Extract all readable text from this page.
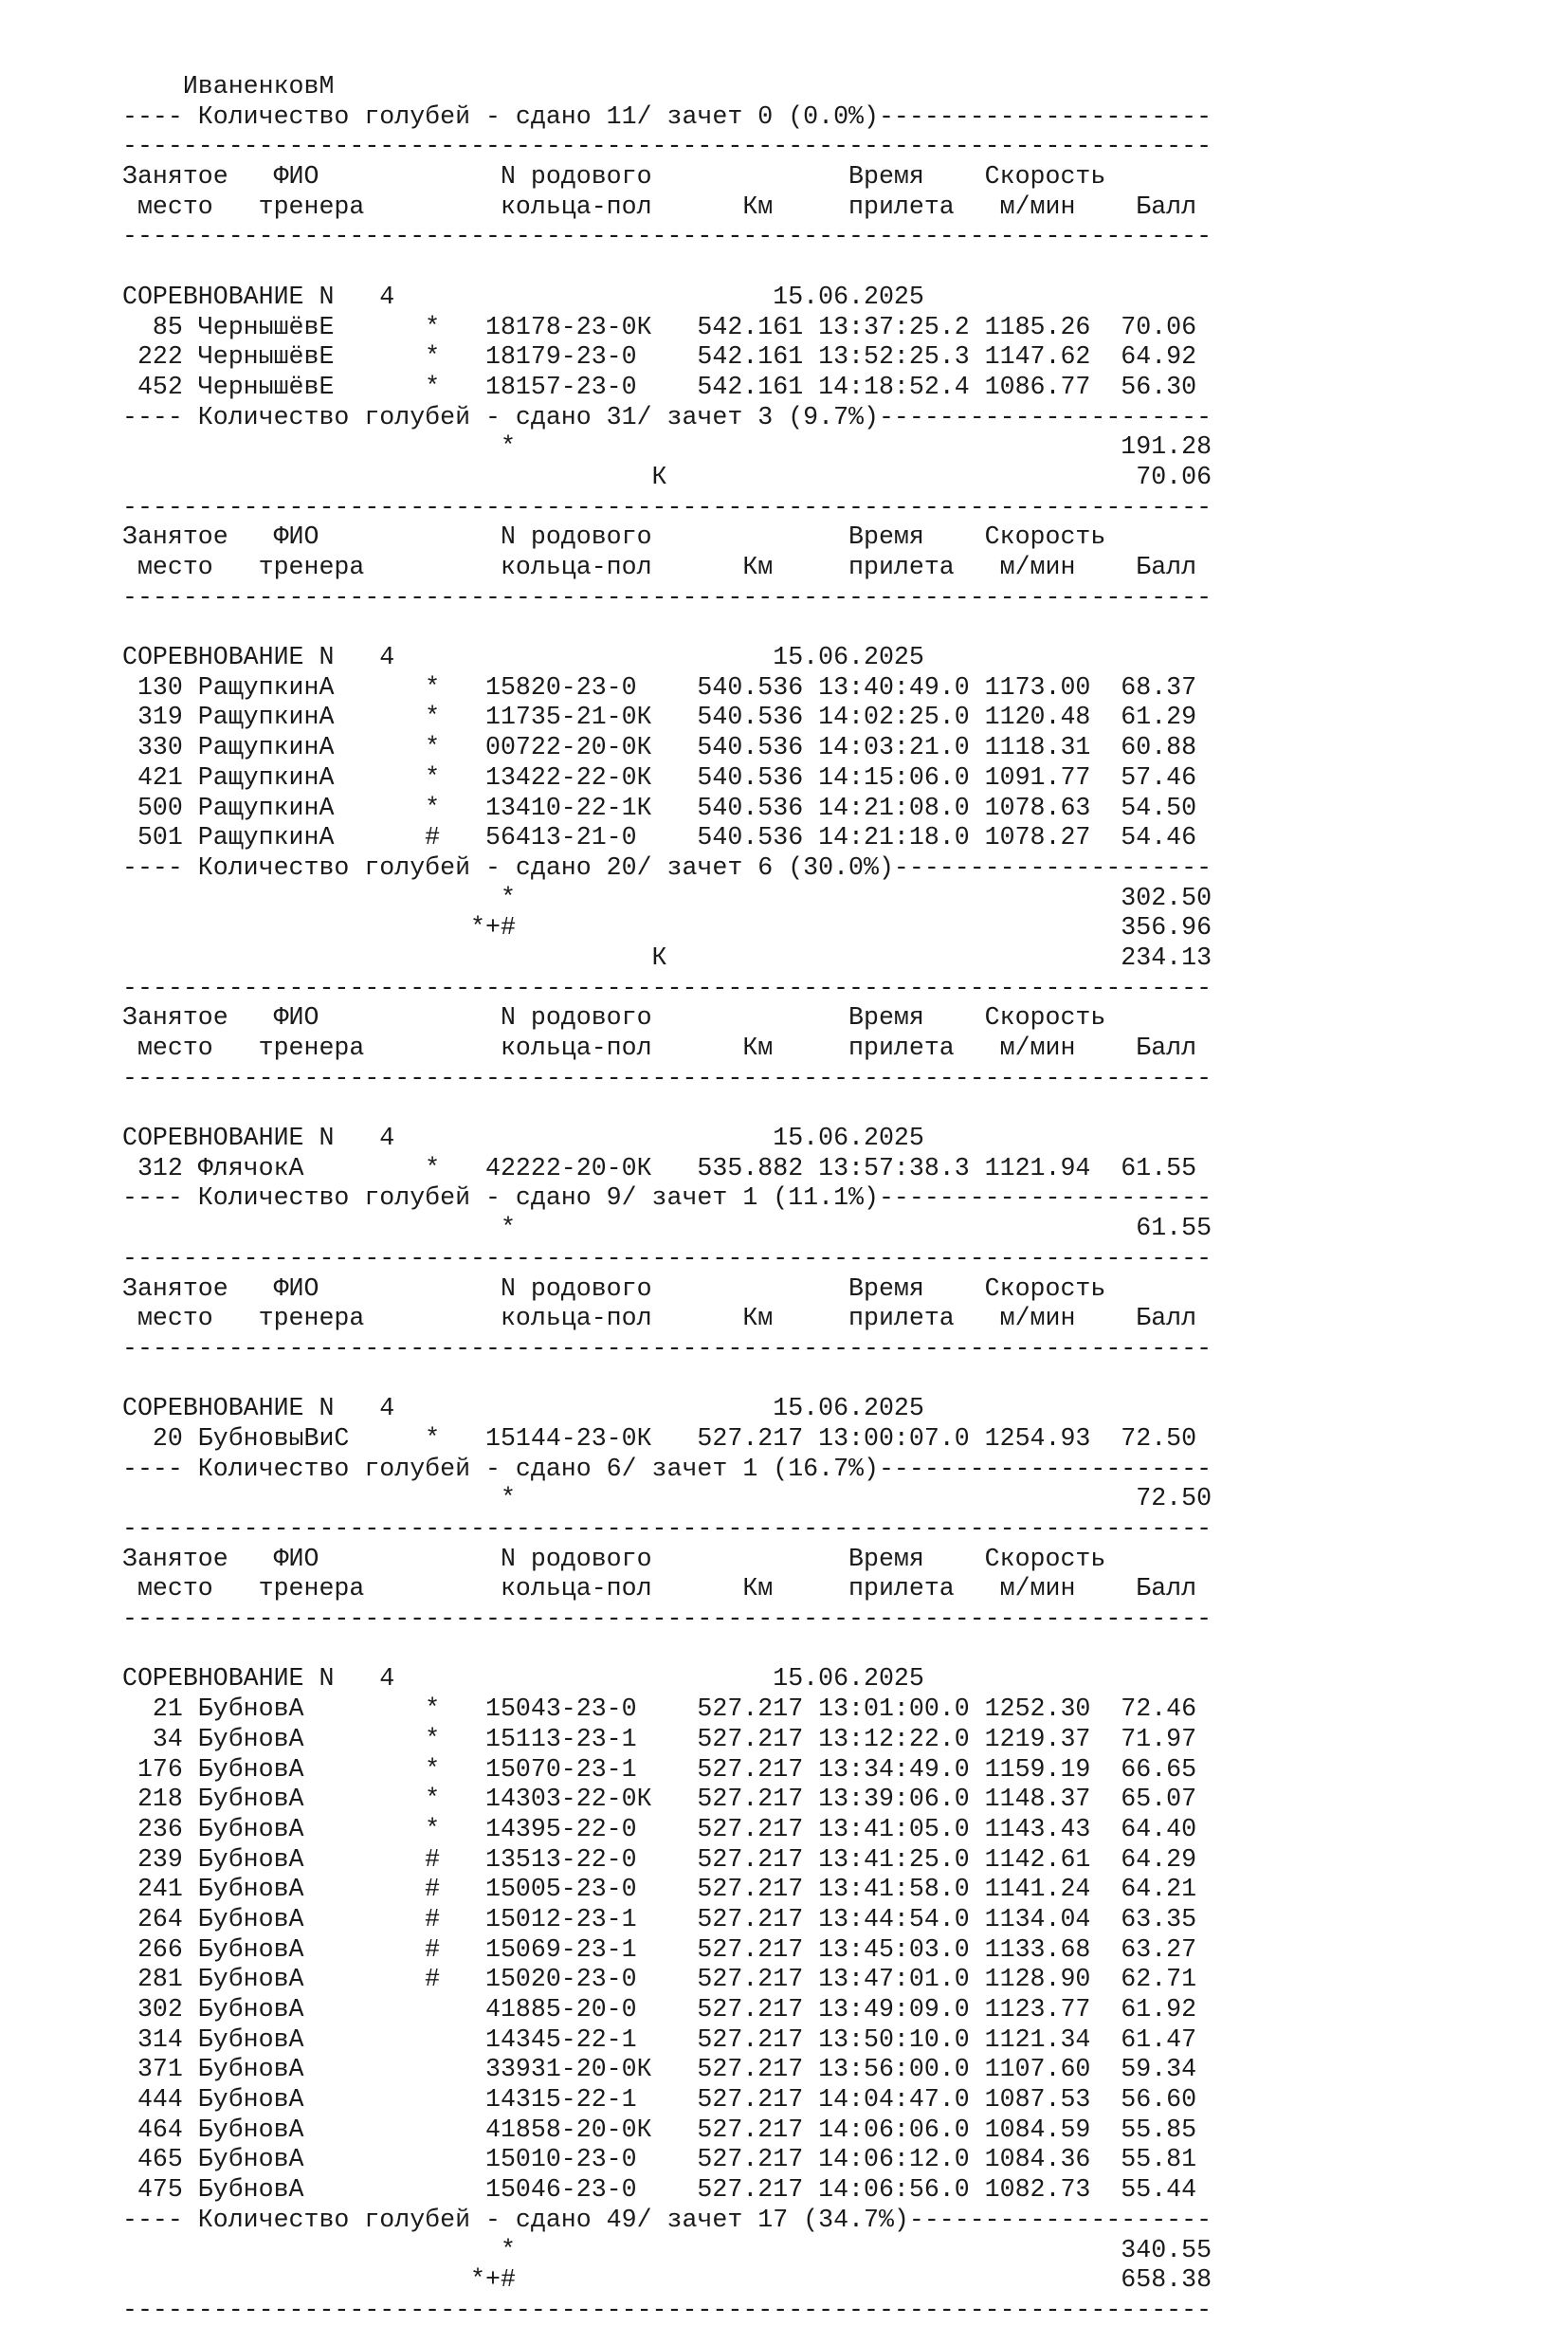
ИваненковМ
---- Количество голубей - сдано 11/ зачет 0 (0.0%)----------------------
------------------------------------------------------------------------
Занятое   ФИО            N родового             Время    Скорость
место   тренера         кольца-пол      Км     прилета   м/мин    Балл
------------------------------------------------------------------------
СОРЕВНОВАНИЕ N   4                         15.06.2025
85 ЧернышёвЕ      *   18178-23-0К   542.161 13:37:25.2 1185.26  70.06
222 ЧернышёвЕ      *   18179-23-0    542.161 13:52:25.3 1147.62  64.92
452 ЧернышёвЕ      *   18157-23-0    542.161 14:18:52.4 1086.77  56.30
---- Количество голубей - сдано 31/ зачет 3 (9.7%)----------------------
*                                        191.28
К                               70.06
------------------------------------------------------------------------
Занятое   ФИО            N родового             Время    Скорость
место   тренера         кольца-пол      Км     прилета   м/мин    Балл
------------------------------------------------------------------------
СОРЕВНОВАНИЕ N   4                         15.06.2025
130 РащупкинА      *   15820-23-0    540.536 13:40:49.0 1173.00  68.37
319 РащупкинА      *   11735-21-0К   540.536 14:02:25.0 1120.48  61.29
330 РащупкинА      *   00722-20-0К   540.536 14:03:21.0 1118.31  60.88
421 РащупкинА      *   13422-22-0К   540.536 14:15:06.0 1091.77  57.46
500 РащупкинА      *   13410-22-1К   540.536 14:21:08.0 1078.63  54.50
501 РащупкинА      #   56413-21-0    540.536 14:21:18.0 1078.27  54.46
---- Количество голубей - сдано 20/ зачет 6 (30.0%)---------------------
*                                        302.50
*+#                                        356.96
К                              234.13
------------------------------------------------------------------------
Занятое   ФИО            N родового             Время    Скорость
место   тренера         кольца-пол      Км     прилета   м/мин    Балл
------------------------------------------------------------------------
СОРЕВНОВАНИЕ N   4                         15.06.2025
312 ФлячокА        *   42222-20-0К   535.882 13:57:38.3 1121.94  61.55
---- Количество голубей - сдано 9/ зачет 1 (11.1%)----------------------
*                                         61.55
------------------------------------------------------------------------
Занятое   ФИО            N родового             Время    Скорость
место   тренера         кольца-пол      Км     прилета   м/мин    Балл
------------------------------------------------------------------------
СОРЕВНОВАНИЕ N   4                         15.06.2025
20 БубновыВиС     *   15144-23-0К   527.217 13:00:07.0 1254.93  72.50
---- Количество голубей - сдано 6/ зачет 1 (16.7%)----------------------
*                                         72.50
------------------------------------------------------------------------
Занятое   ФИО            N родового             Время    Скорость
место   тренера         кольца-пол      Км     прилета   м/мин    Балл
------------------------------------------------------------------------
СОРЕВНОВАНИЕ N   4                         15.06.2025
21 БубновА        *   15043-23-0    527.217 13:01:00.0 1252.30  72.46
34 БубновА        *   15113-23-1    527.217 13:12:22.0 1219.37  71.97
176 БубновА        *   15070-23-1    527.217 13:34:49.0 1159.19  66.65
218 БубновА        *   14303-22-0К   527.217 13:39:06.0 1148.37  65.07
236 БубновА        *   14395-22-0    527.217 13:41:05.0 1143.43  64.40
239 БубновА        #   13513-22-0    527.217 13:41:25.0 1142.61  64.29
241 БубновА        #   15005-23-0    527.217 13:41:58.0 1141.24  64.21
264 БубновА        #   15012-23-1    527.217 13:44:54.0 1134.04  63.35
266 БубновА        #   15069-23-1    527.217 13:45:03.0 1133.68  63.27
281 БубновА        #   15020-23-0    527.217 13:47:01.0 1128.90  62.71
302 БубновА            41885-20-0    527.217 13:49:09.0 1123.77  61.92
314 БубновА            14345-22-1    527.217 13:50:10.0 1121.34  61.47
371 БубновА            33931-20-0К   527.217 13:56:00.0 1107.60  59.34
444 БубновА            14315-22-1    527.217 14:04:47.0 1087.53  56.60
464 БубновА            41858-20-0К   527.217 14:06:06.0 1084.59  55.85
465 БубновА            15010-23-0    527.217 14:06:12.0 1084.36  55.81
475 БубновА            15046-23-0    527.217 14:06:56.0 1082.73  55.44
---- Количество голубей - сдано 49/ зачет 17 (34.7%)--------------------
*                                        340.55
*+#                                        658.38
------------------------------------------------------------------------
